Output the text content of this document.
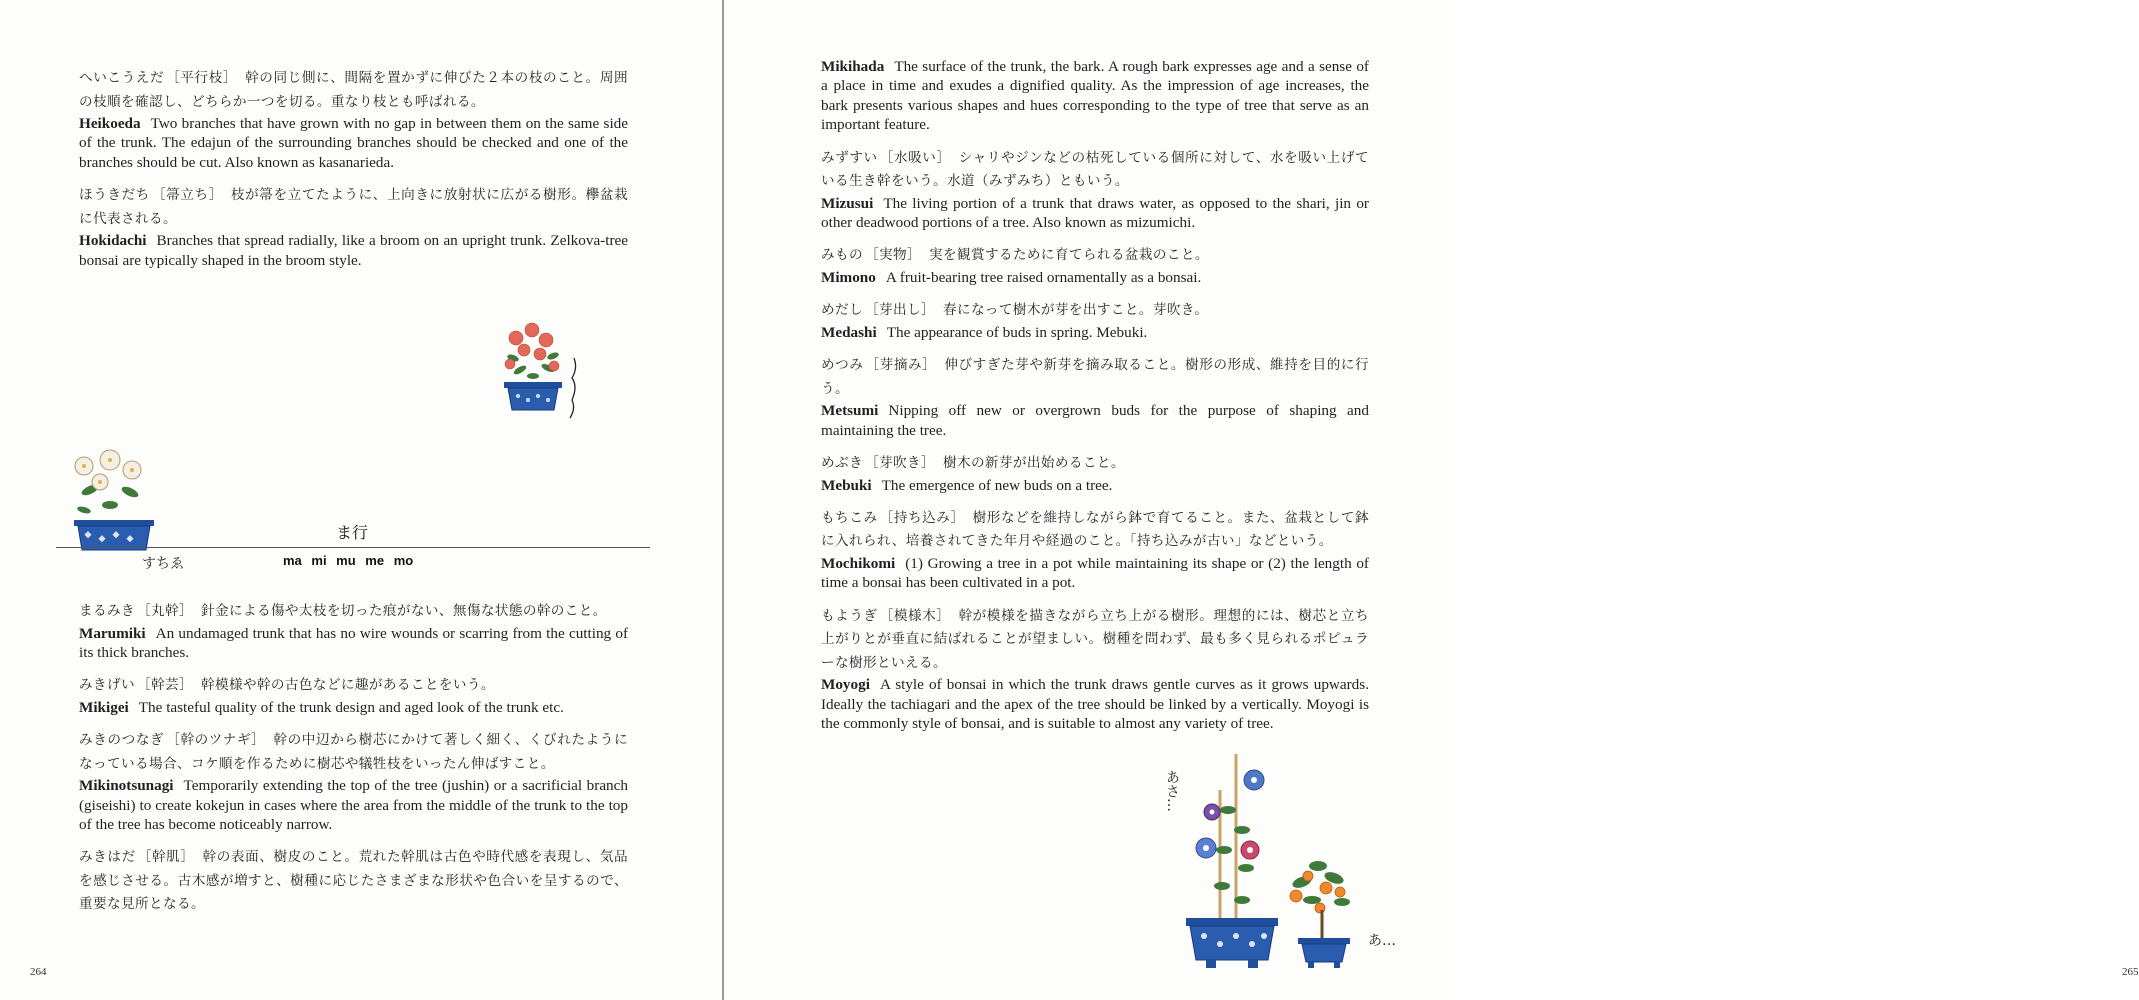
へいこうえだ ［平行枝］ 幹の同じ側に、間隔を置かずに伸びた２本の枝のこと。周囲の枝順を確認し、どちらか一つを切る。重なり枝とも呼ばれる。
Heikoeda Two branches that have grown with no gap in between them on the same side of the trunk. The edajun of the surrounding branches should be checked and one of the branches should be cut. Also known as kasanarieda.
ほうきだち ［箒立ち］ 枝が箒を立てたように、上向きに放射状に広がる樹形。欅盆栽に代表される。
Hokidachi Branches that spread radially, like a broom on an upright trunk. Zelkova-tree bonsai are typically shaped in the broom style.
すちゑ
ま行
ma mi mu me mo
まるみき ［丸幹］ 針金による傷や太枝を切った痕がない、無傷な状態の幹のこと。
Marumiki An undamaged trunk that has no wire wounds or scarring from the cutting of its thick branches.
みきげい ［幹芸］ 幹模様や幹の古色などに趣があることをいう。
Mikigei The tasteful quality of the trunk design and aged look of the trunk etc.
みきのつなぎ ［幹のツナギ］ 幹の中辺から樹芯にかけて著しく細く、くびれたようになっている場合、コケ順を作るために樹芯や犠牲枝をいったん伸ばすこと。
Mikinotsunagi Temporarily extending the top of the tree (jushin) or a sacrificial branch (giseishi) to create kokejun in cases where the area from the middle of the trunk to the top of the tree has become noticeably narrow.
みきはだ ［幹肌］ 幹の表面、樹皮のこと。荒れた幹肌は古色や時代感を表現し、気品を感じさせる。古木感が増すと、樹種に応じたさまざまな形状や色合いを呈するので、重要な見所となる。
264	265
Mikihada The surface of the trunk, the bark. A rough bark expresses age and a sense of a place in time and exudes a dignified quality. As the impression of age increases, the bark presents various shapes and hues corresponding to the type of tree that serve as an important feature.
みずすい ［水吸い］ シャリやジンなどの枯死している個所に対して、水を吸い上げている生き幹をいう。水道（みずみち）ともいう。
Mizusui The living portion of a trunk that draws water, as opposed to the shari, jin or other deadwood portions of a tree. Also known as mizumichi.
みもの ［実物］ 実を観賞するために育てられる盆栽のこと。
Mimono A fruit-bearing tree raised ornamentally as a bonsai.
めだし ［芽出し］ 春になって樹木が芽を出すこと。芽吹き。
Medashi The appearance of buds in spring. Mebuki.
めつみ ［芽摘み］ 伸びすぎた芽や新芽を摘み取ること。樹形の形成、維持を目的に行う。
Metsumi Nipping off new or overgrown buds for the purpose of shaping and maintaining the tree.
めぶき ［芽吹き］ 樹木の新芽が出始めること。
Mebuki The emergence of new buds on a tree.
もちこみ ［持ち込み］ 樹形などを維持しながら鉢で育てること。また、盆栽として鉢に入れられ、培養されてきた年月や経過のこと。「持ち込みが古い」などという。
Mochikomi (1) Growing a tree in a pot while maintaining its shape or (2) the length of time a bonsai has been cultivated in a pot.
もようぎ ［模様木］ 幹が模様を描きながら立ち上がる樹形。理想的には、樹芯と立ち上がりとが垂直に結ばれることが望ましい。樹種を問わず、最も多く見られるポピュラーな樹形といえる。
Moyogi A style of bonsai in which the trunk draws gentle curves as it grows upwards. Ideally the tachiagari and the apex of the tree should be linked by a vertically. Moyogi is the commonly style of bonsai, and is suitable to almost any variety of tree.
あさ…
あ…
